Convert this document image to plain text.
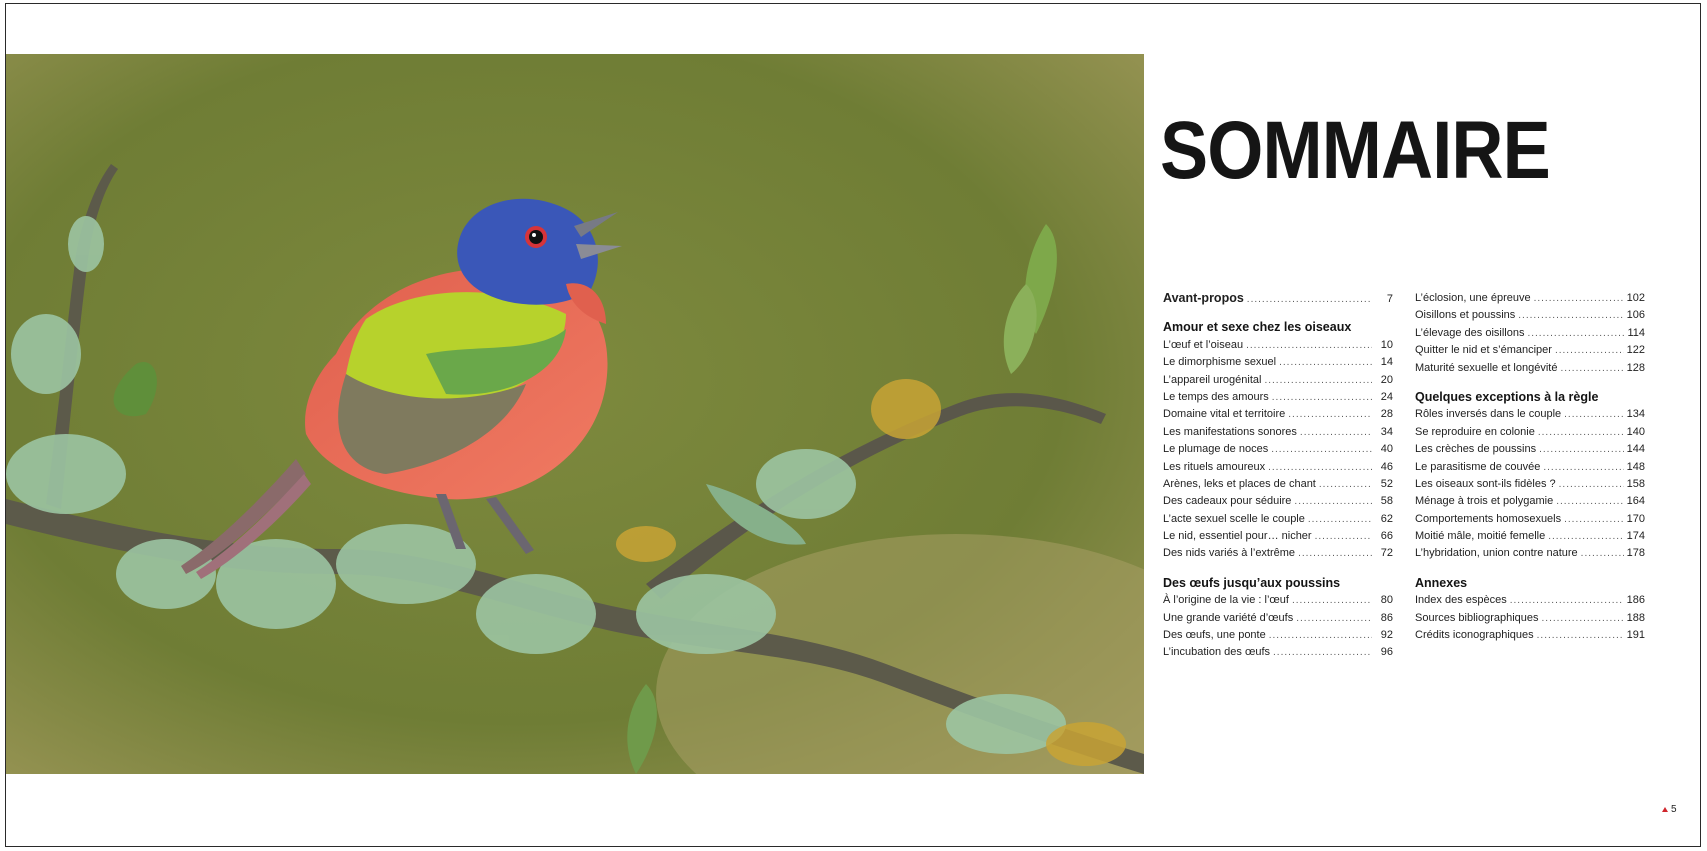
SOMMAIRE
Avant-propos .....	7
Amour et sexe chez les oiseaux
L’œuf et l’oiseau .....	10
Le dimorphisme sexuel .....	14
L’appareil urogénital .....	20
Le temps des amours .....	24
Domaine vital et territoire .....	28
Les manifestations sonores .....	34
Le plumage de noces .....	40
Les rituels amoureux .....	46
Arènes, leks et places de chant .....	52
Des cadeaux pour séduire .....	58
L’acte sexuel scelle le couple .....	62
Le nid, essentiel pour… nicher .....	66
Des nids variés à l’extrême .....	72
Des œufs jusqu’aux poussins
À l’origine de la vie : l’œuf .....	80
Une grande variété d’œufs .....	86
Des œufs, une ponte .....	92
L’incubation des œufs .....	96
L’éclosion, une épreuve .....	102
Oisillons et poussins .....	106
L’élevage des oisillons .....	114
Quitter le nid et s’émanciper .....	122
Maturité sexuelle et longévité .....	128
Quelques exceptions à la règle
Rôles inversés dans le couple .....	134
Se reproduire en colonie .....	140
Les crèches de poussins .....	144
Le parasitisme de couvée .....	148
Les oiseaux sont-ils fidèles ? .....	158
Ménage à trois et polygamie .....	164
Comportements homosexuels .....	170
Moitié mâle, moitié femelle .....	174
L’hybridation, union contre nature .....	178
Annexes
Index des espèces .....	186
Sources bibliographiques .....	188
Crédits iconographiques .....	191
5
